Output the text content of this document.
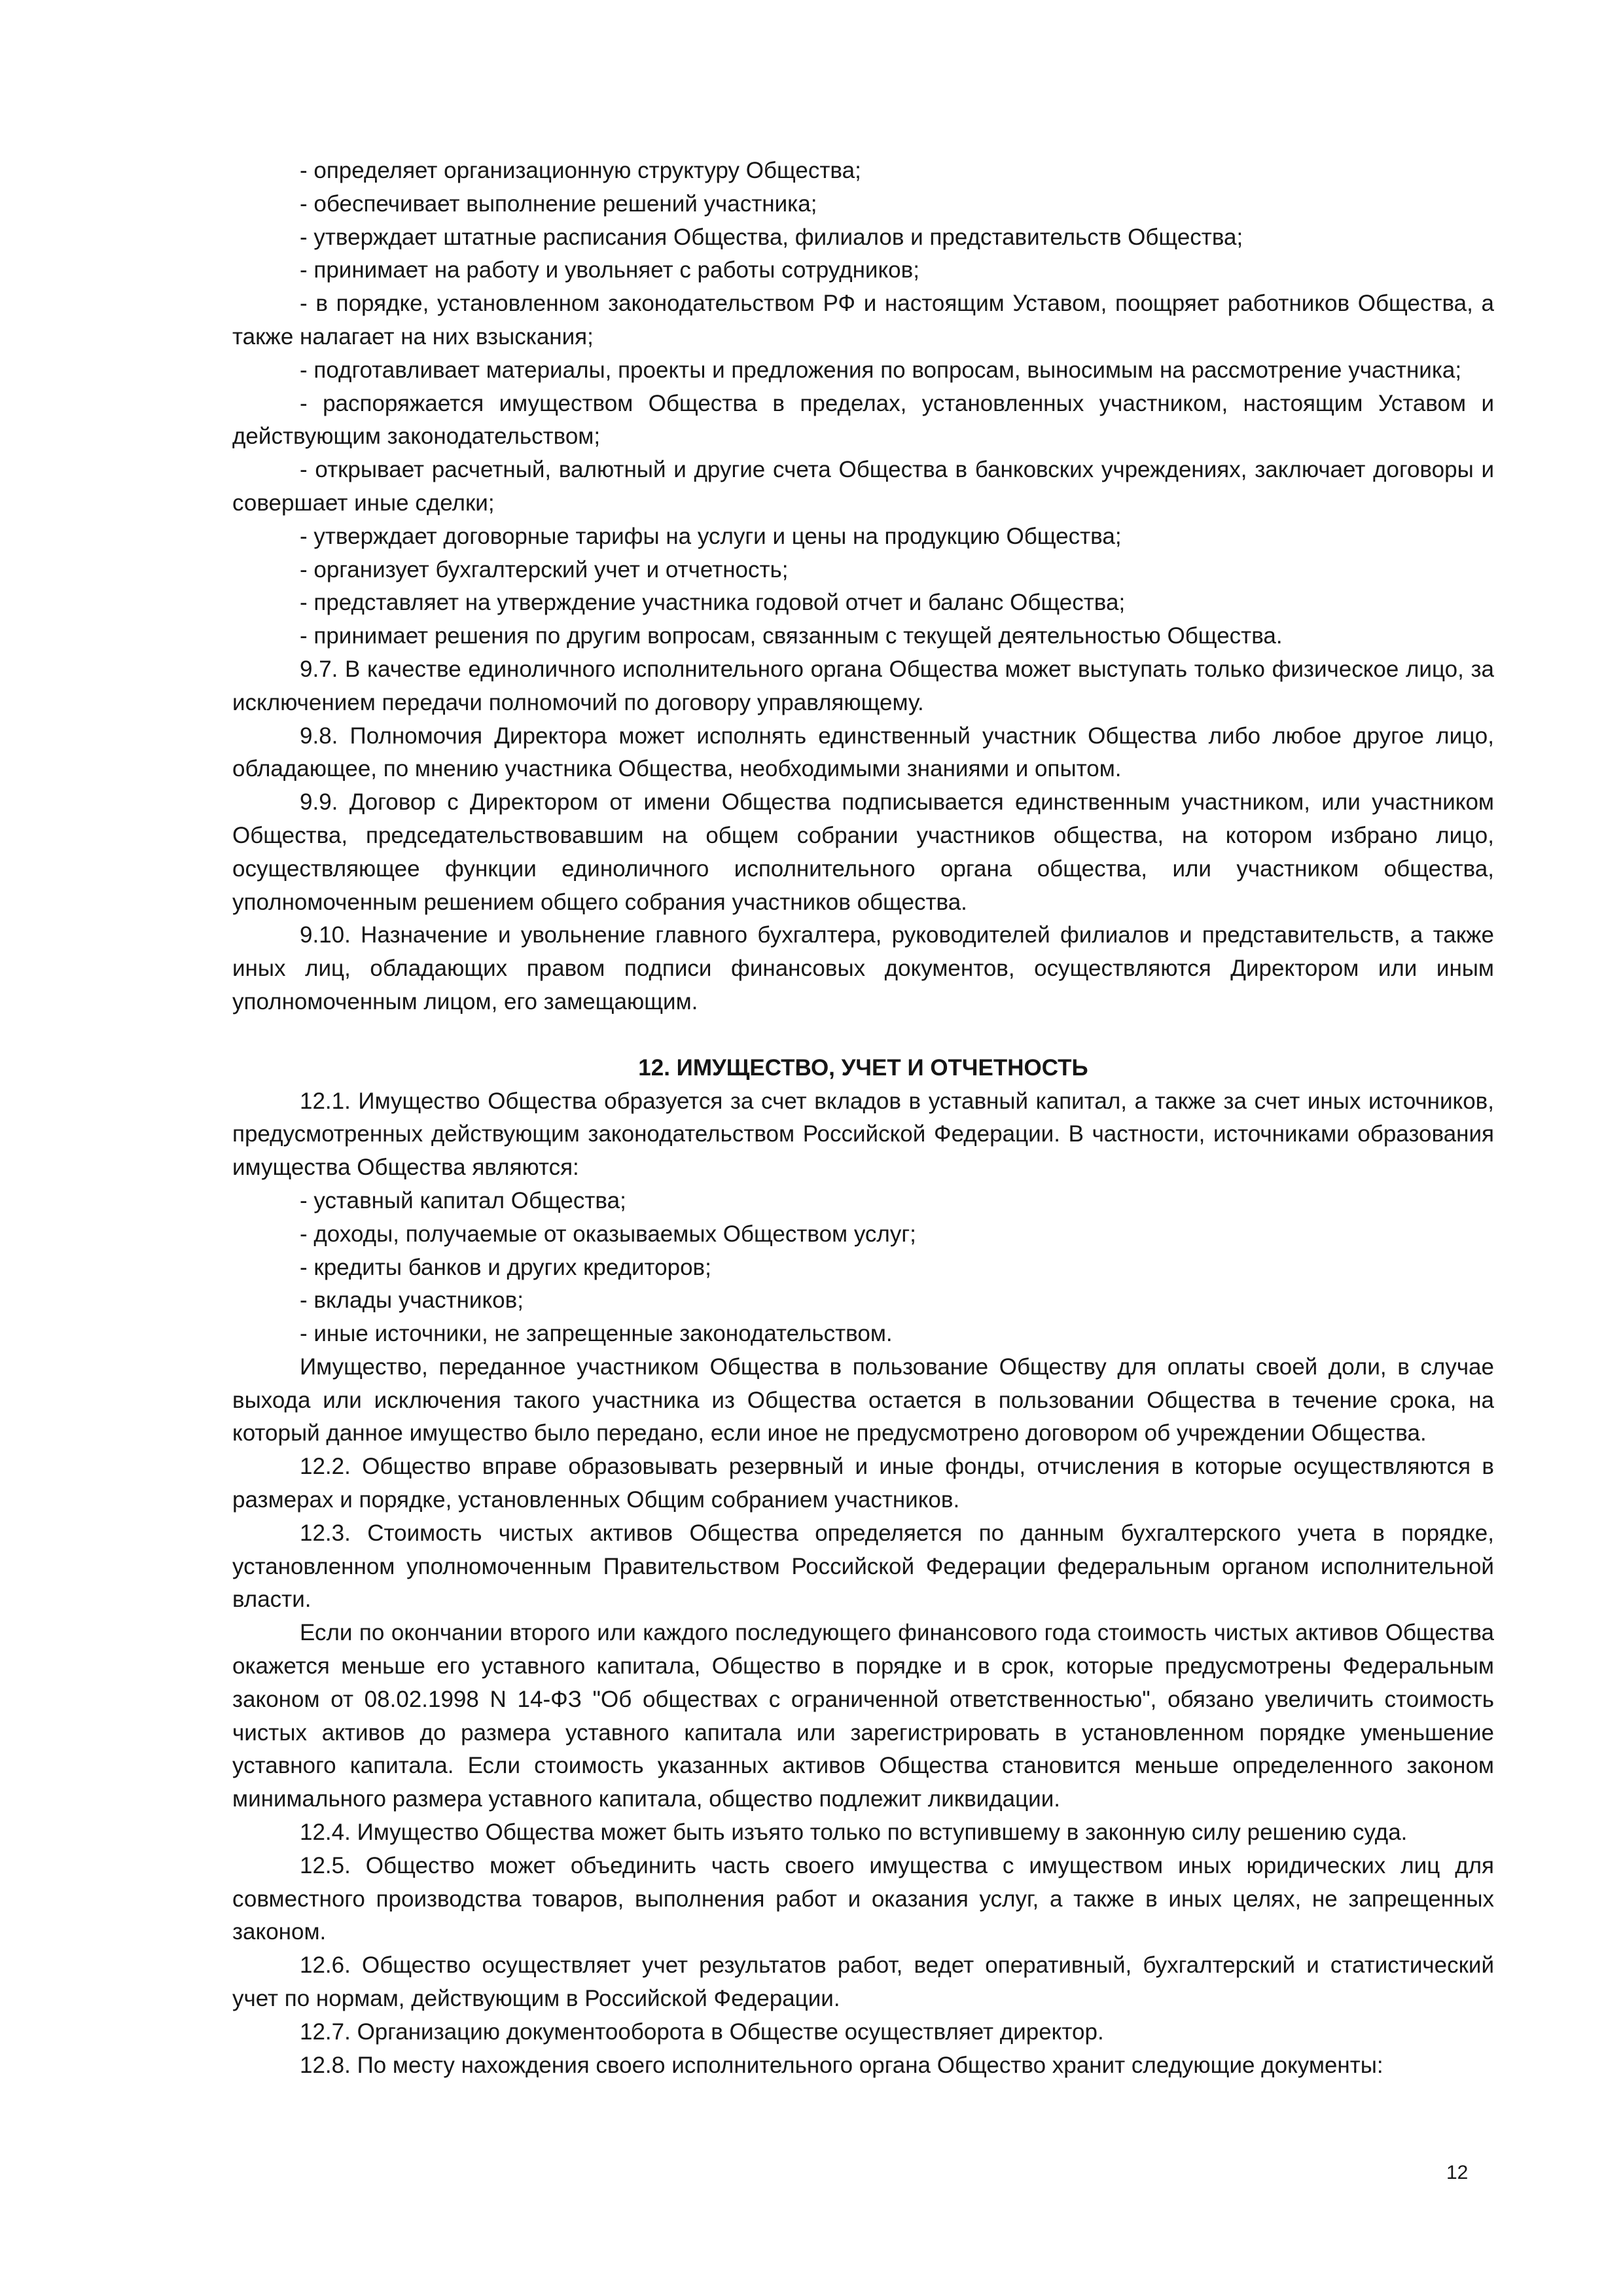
- определяет организационную структуру Общества;

- обеспечивает выполнение решений участника;

- утверждает штатные расписания Общества, филиалов и представительств Общества;

- принимает на работу и увольняет с работы сотрудников;

- в порядке, установленном законодательством РФ и настоящим Уставом, поощряет работников Общества, а также налагает на них взыскания;

- подготавливает материалы, проекты и предложения по вопросам, выносимым на рассмотрение участника;

- распоряжается имуществом Общества в пределах, установленных участником, настоящим Уставом и действующим законодательством;

- открывает расчетный, валютный и другие счета Общества в банковских учреждениях, заключает договоры и совершает иные сделки;

- утверждает договорные тарифы на услуги и цены на продукцию Общества;

- организует бухгалтерский учет и отчетность;

- представляет на утверждение участника годовой отчет и баланс Общества;

- принимает решения по другим вопросам, связанным с текущей деятельностью Общества.

9.7. В качестве единоличного исполнительного органа Общества может выступать только физическое лицо, за исключением передачи полномочий по договору управляющему.

9.8. Полномочия Директора может исполнять единственный участник Общества либо любое другое лицо, обладающее, по мнению участника Общества, необходимыми знаниями и опытом.

9.9. Договор с Директором от имени Общества подписывается единственным участником, или участником Общества, председательствовавшим на общем собрании участников общества, на котором избрано лицо, осуществляющее функции единоличного исполнительного органа общества, или участником общества, уполномоченным решением общего собрания участников общества.

9.10. Назначение и увольнение главного бухгалтера, руководителей филиалов и представительств, а также иных лиц, обладающих правом подписи финансовых документов, осуществляются Директором или иным уполномоченным лицом, его замещающим.

12. ИМУЩЕСТВО, УЧЕТ И ОТЧЕТНОСТЬ

12.1. Имущество Общества образуется за счет вкладов в уставный капитал, а также за счет иных источников, предусмотренных действующим законодательством Российской Федерации. В частности, источниками образования имущества Общества являются:

- уставный капитал Общества;

- доходы, получаемые от оказываемых Обществом услуг;

- кредиты банков и других кредиторов;

- вклады участников;

- иные источники, не запрещенные законодательством.

Имущество, переданное участником Общества в пользование Обществу для оплаты своей доли, в случае выхода или исключения такого участника из Общества остается в пользовании Общества в течение срока, на который данное имущество было передано, если иное не предусмотрено договором об учреждении Общества.

12.2. Общество вправе образовывать резервный и иные фонды, отчисления в которые осуществляются в размерах и порядке, установленных Общим собранием участников.

12.3. Стоимость чистых активов Общества определяется по данным бухгалтерского учета в порядке, установленном уполномоченным Правительством Российской Федерации федеральным органом исполнительной власти.

Если по окончании второго или каждого последующего финансового года стоимость чистых активов Общества окажется меньше его уставного капитала, Общество в порядке и в срок, которые предусмотрены Федеральным законом от 08.02.1998 N 14-ФЗ "Об обществах с ограниченной ответственностью", обязано увеличить стоимость чистых активов до размера уставного капитала или зарегистрировать в установленном порядке уменьшение уставного капитала. Если стоимость указанных активов Общества становится меньше определенного законом минимального размера уставного капитала, общество подлежит ликвидации.

12.4. Имущество Общества может быть изъято только по вступившему в законную силу решению суда.

12.5. Общество может объединить часть своего имущества с имуществом иных юридических лиц для совместного производства товаров, выполнения работ и оказания услуг, а также в иных целях, не запрещенных законом.

12.6. Общество осуществляет учет результатов работ, ведет оперативный, бухгалтерский и статистический учет по нормам, действующим в Российской Федерации.

12.7. Организацию документооборота в Обществе осуществляет директор.

12.8. По месту нахождения своего исполнительного органа Общество хранит следующие документы:

12
